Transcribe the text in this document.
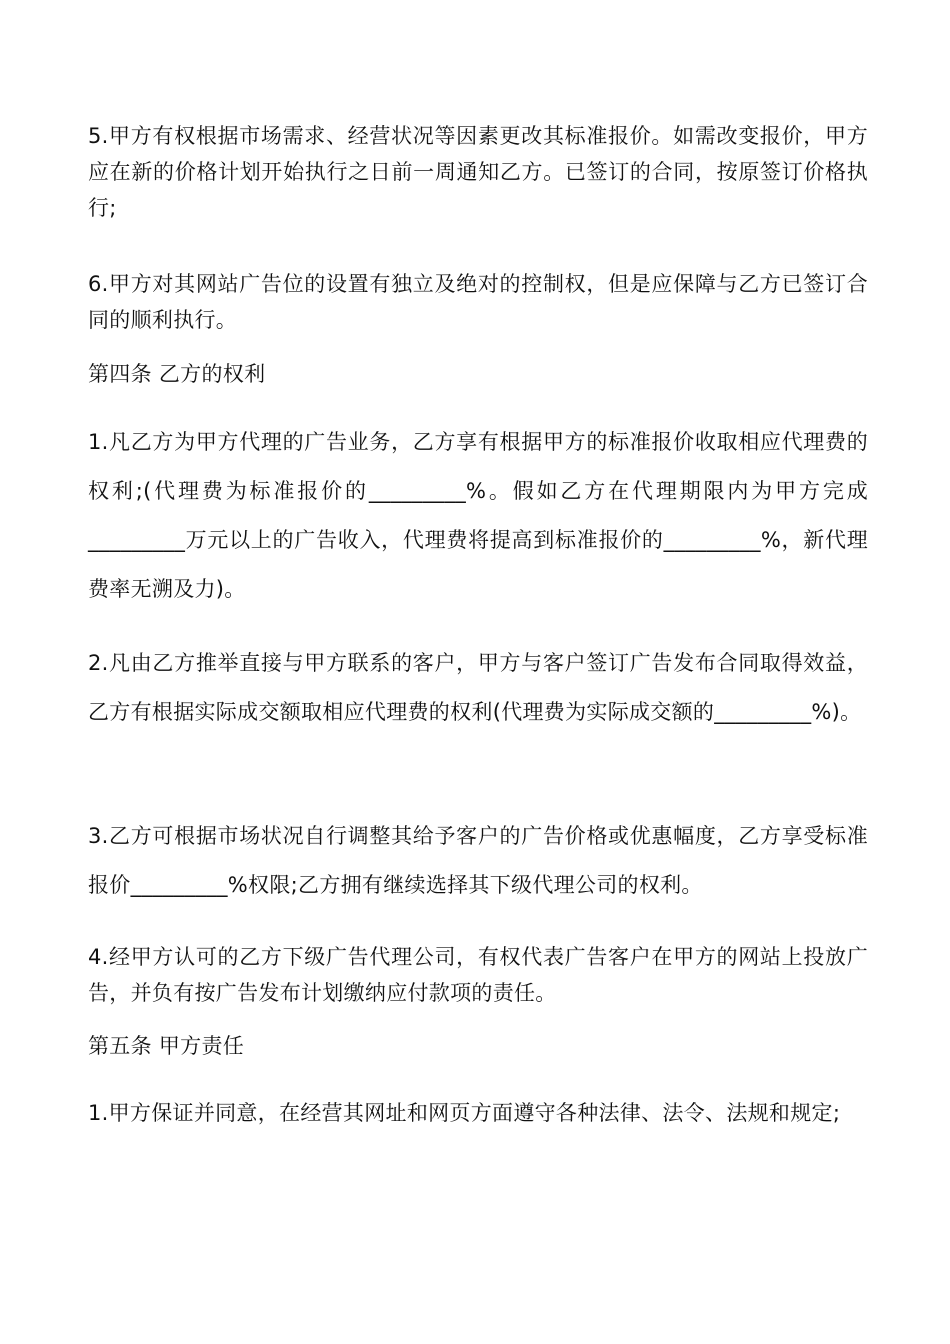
5.甲方有权根据市场需求、经营状况等因素更改其标准报价。如需改变报价，甲方应在新的价格计划开始执行之日前一周通知乙方。已签订的合同，按原签订价格执行;

6.甲方对其网站广告位的设置有独立及绝对的控制权，但是应保障与乙方已签订合同的顺利执行。

第四条 乙方的权利

1.凡乙方为甲方代理的广告业务，乙方享有根据甲方的标准报价收取相应代理费的权利;(代理费为标准报价的_________%。假如乙方在代理期限内为甲方完成_________万元以上的广告收入，代理费将提高到标准报价的_________%，新代理费率无溯及力)。

2.凡由乙方推举直接与甲方联系的客户，甲方与客户签订广告发布合同取得效益，乙方有根据实际成交额取相应代理费的权利(代理费为实际成交额的_________%)。

3.乙方可根据市场状况自行调整其给予客户的广告价格或优惠幅度，乙方享受标准报价_________%权限;乙方拥有继续选择其下级代理公司的权利。

4.经甲方认可的乙方下级广告代理公司，有权代表广告客户在甲方的网站上投放广告，并负有按广告发布计划缴纳应付款项的责任。

第五条 甲方责任

1.甲方保证并同意，在经营其网址和网页方面遵守各种法律、法令、法规和规定;
